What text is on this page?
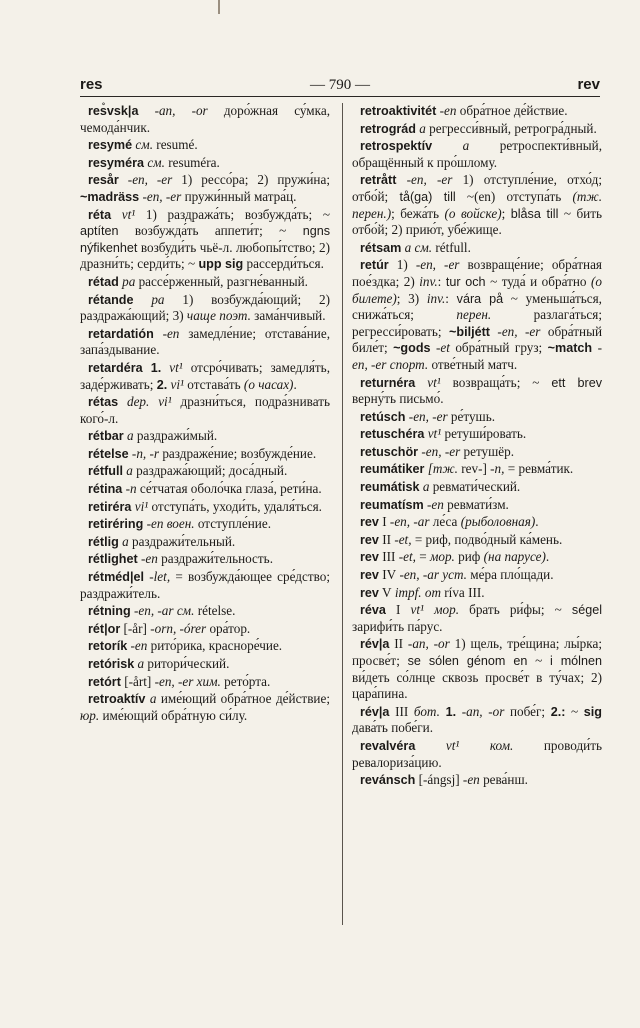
res	— 790 —	rev

res̊vsk|a -an, -or доро́жная су́мка, чемода́нчик.

resymé см. resumé.

resyméra см. resuméra.

resår -en, -er 1) рессо́ра; 2) пружи́на; ~madräss -en, -er пружи́нный матра́ц.

réta vt¹ 1) раздража́ть; возбужда́ть; ~ aptíten возбужда́ть аппети́т; ~ ngns nýfikenhet возбуди́ть чьё-л. любопы́тство; 2) дразни́ть; серди́ть; ~ upp sig рассерди́ться.

rétad pa рассе́рженный, разгне́ванный.

rétande pa 1) возбужда́ющий; 2) раздража́ющий; 3) чаще поэт. зама́нчивый.

retardatión -en замедле́ние; отстава́ние, запа́здывание.

retardéra 1. vt¹ отсро́чивать; замедля́ть, заде́рживать; 2. vi¹ отстава́ть (о часах).

rétas dep. vi¹ дразни́ться, подра́знивать кого́-л.

rétbar a раздражи́мый.

rételse -n, -r раздраже́ние; возбужде́ние.

rétfull a раздража́ющий; доса́дный.

rétina -n се́тчатая оболо́чка глаза́, рети́на.

retiréra vi¹ отступа́ть, уходи́ть, удаля́ться.

retiréring -en воен. отступле́ние.

rétlig a раздражи́тельный.

rétlighet -en раздражи́тельность.

rétméd|el -let, = возбужда́ющее сре́дство; раздражи́тель.

rétning -en, -ar см. rételse.

rét|or [-år] -orn, -órer ора́тор.

retorík -en рито́рика, красноре́чие.

retórisk a ритори́ческий.

retórt [-årt] -en, -er хим. рето́рта.

retroaktív a име́ющий обра́тное де́йствие; юр. име́ющий обра́тную си́лу.

retroaktivitét -en обра́тное де́йствие.

retrográd a регресси́вный, ретрогра́дный.

retrospektív a ретроспекти́вный, обращённый к про́шлому.

retrått -en, -er 1) отступле́ние, отхо́д; отбо́й; tå(ga) till ~(en) отступа́ть (тж. перен.); бежа́ть (о войске); blåsa till ~ бить отбо́й; 2) прию́т, убе́жище.

rétsam a см. rétfull.

retúr 1) -en, -er возвраще́ние; обра́тная пое́здка; 2) inv.: tur och ~ туда́ и обра́тно (о билете); 3) inv.: vára på ~ уменьша́ться, снижа́ться; перен. разлага́ться; регресси́ровать; ~biljétt -en, -er обра́тный биле́т; ~gods -et обра́тный груз; ~match -en, -er спорт. отве́тный матч.

returnéra vt¹ возвраща́ть; ~ ett brev верну́ть письмо́.

retúsch -en, -er ре́тушь.

retuschéra vt¹ ретуши́ровать.

retuschör -en, -er ретушёр.

reumátiker [тж. rev-] -n, = ревма́тик.

reumátisk a ревмати́ческий.

reumatísm -en ревмати́зм.

rev I -en, -ar ле́са (рыболовная).

rev II -et, = риф, подво́дный ка́мень.

rev III -et, = мор. риф (на парусе).

rev IV -en, -ar уст. ме́ра пло́щади.

rev V impf. от ríva III.

réva I vt¹ мор. брать ри́фы; ~ ségel зарифи́ть па́рус.

rév|a II -an, -or 1) щель, тре́щина; лы́рка; просве́т; se sólen génom en ~ i mólnen ви́деть со́лнце сквозь просве́т в ту́чах; 2) цара́пина.

rév|a III бот. 1. -an, -or побе́г; 2.: ~ sig дава́ть побе́ги.

revalvéra vt¹ ком. проводи́ть ревалориза́цию.

revánsch [-ángsj] -en рева́нш.
